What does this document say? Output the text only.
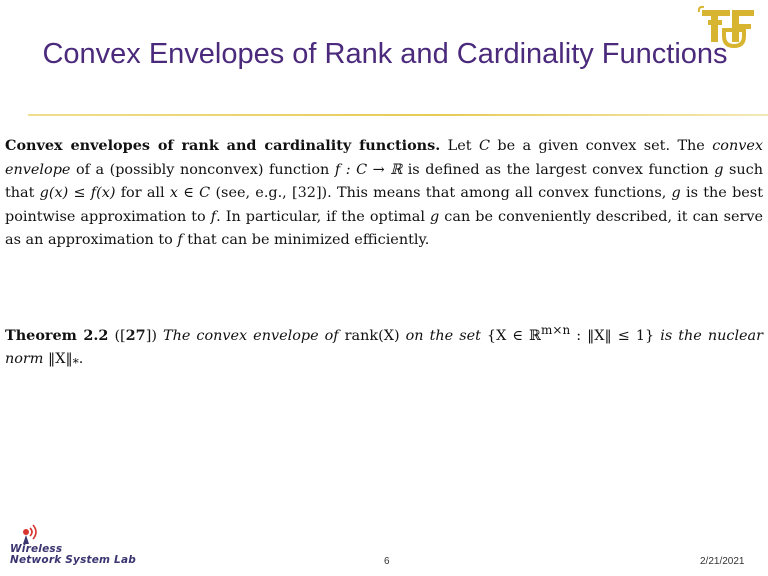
Convex Envelopes of Rank and Cardinality Functions
Convex envelopes of rank and cardinality functions. Let C be a given convex set. The convex envelope of a (possibly nonconvex) function f : C → ℝ is defined as the largest convex function g such that g(x) ≤ f(x) for all x ∈ C (see, e.g., [32]). This means that among all convex functions, g is the best pointwise approximation to f. In particular, if the optimal g can be conveniently described, it can serve as an approximation to f that can be minimized efficiently.
Theorem 2.2 ([27]) The convex envelope of rank(X) on the set {X ∈ ℝ$^{m\times n}$ : ‖X‖ ≤ 1} is the nuclear norm $‖X‖_*$.
Wireless
Network System Lab	6	2/21/2021
